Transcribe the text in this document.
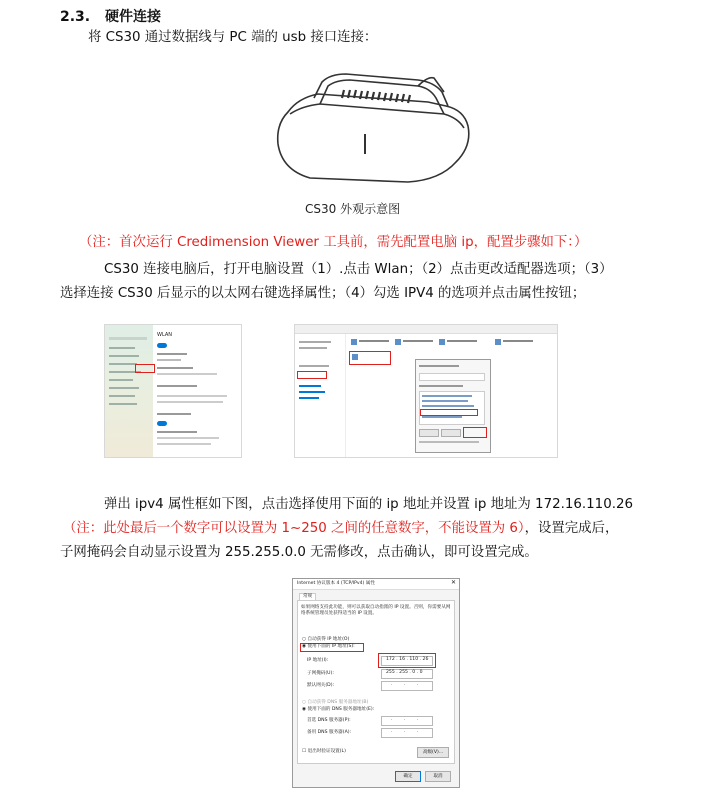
2.3. 硬件连接
将 CS30 通过数据线与 PC 端的 usb 接口连接：
CS30 外观示意图
（注：首次运行 Credimension Viewer 工具前，需先配置电脑 ip，配置步骤如下：）
CS30 连接电脑后，打开电脑设置（1）.点击 Wlan；（2）点击更改适配器选项；（3）
选择连接 CS30 后显示的以太网右键选择属性；（4）勾选 IPV4 的选项并点击属性按钮；
WLAN
弹出 ipv4 属性框如下图，点击选择使用下面的 ip 地址并设置 ip 地址为 172.16.110.26
（注：此处最后一个数字可以设置为 1~250 之间的任意数字，不能设置为 6），设置完成后，
子网掩码会自动显示设置为 255.255.0.0 无需修改，点击确认，即可设置完成。
Internet 协议版本 4 (TCP/IPv4) 属性	✕
常规
如果网络支持此功能，则可以获取自动指派的 IP 设置。否则，你需要从网
络系统管理员处获得适当的 IP 设置。
○ 自动获得 IP 地址(O)
◉ 使用下面的 IP 地址(S):
IP 地址(I):	172 . 16 . 110 . 26
子网掩码(U):	255 . 255 . 0 . 0
默认网关(D):	. . .
○ 自动获得 DNS 服务器地址(B)
◉ 使用下面的 DNS 服务器地址(E):
首选 DNS 服务器(P):	. . .
备用 DNS 服务器(A):	. . .
☐ 退出时验证设置(L)	高级(V)...
确定	取消
